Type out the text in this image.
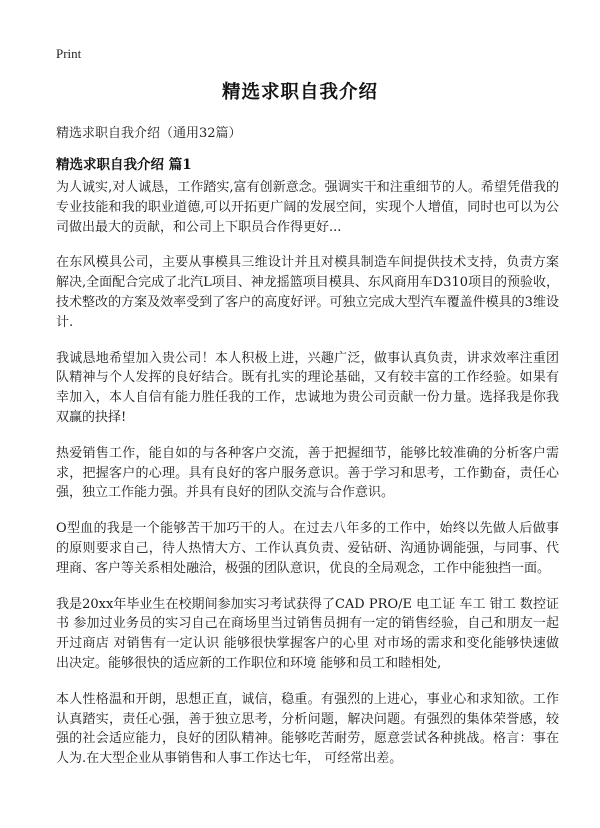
Print
精选求职自我介绍
精选求职自我介绍（通用32篇）
精选求职自我介绍 篇1

为人诚实,对人诚恳，工作踏实,富有创新意念。强调实干和注重细节的人。希望凭借我的专业技能和我的职业道德,可以开拓更广阔的发展空间，实现个人增值，同时也可以为公司做出最大的贡献，和公司上下职员合作得更好...

在东风模具公司，主要从事模具三维设计并且对模具制造车间提供技术支持，负责方案解决,全面配合完成了北汽L项目、神龙摇篮项目模具、东风商用车D310项目的预验收，技术整改的方案及效率受到了客户的高度好评。可独立完成大型汽车覆盖件模具的3维设计.

我诚恳地希望加入贵公司！本人积极上进，兴趣广泛，做事认真负责，讲求效率注重团队精神与个人发挥的良好结合。既有扎实的理论基础，又有较丰富的工作经验。如果有幸加入，本人自信有能力胜任我的工作，忠诚地为贵公司贡献一份力量。选择我是你我双赢的抉择!

热爱销售工作，能自如的与各种客户交流，善于把握细节，能够比较准确的分析客户需求，把握客户的心理。具有良好的客户服务意识。善于学习和思考，工作勤奋，责任心强，独立工作能力强。并具有良好的团队交流与合作意识。

O型血的我是一个能够苦干加巧干的人。在过去八年多的工作中，始终以先做人后做事的原则要求自己，待人热情大方、工作认真负责、爱钻研、沟通协调能强，与同事、代理商、客户等关系相处融洽，极强的团队意识，优良的全局观念，工作中能独挡一面。

我是20xx年毕业生在校期间参加实习考试获得了CAD PRO/E 电工证 车工 钳工 数控证书 参加过业务员的实习自己在商场里当过销售员拥有一定的销售经验，自己和朋友一起开过商店 对销售有一定认识 能够很快掌握客户的心里 对市场的需求和变化能够快速做出决定。能够很快的适应新的工作职位和环境 能够和员工和睦相处,

本人性格温和开朗，思想正直，诚信，稳重。有强烈的上进心，事业心和求知欲。工作认真踏实，责任心强，善于独立思考，分析问题，解决问题。有强烈的集体荣誉感，较强的社会适应能力，良好的团队精神。能够吃苦耐劳，愿意尝试各种挑战。格言：事在人为.在大型企业从事销售和人事工作达七年， 可经常出差。
